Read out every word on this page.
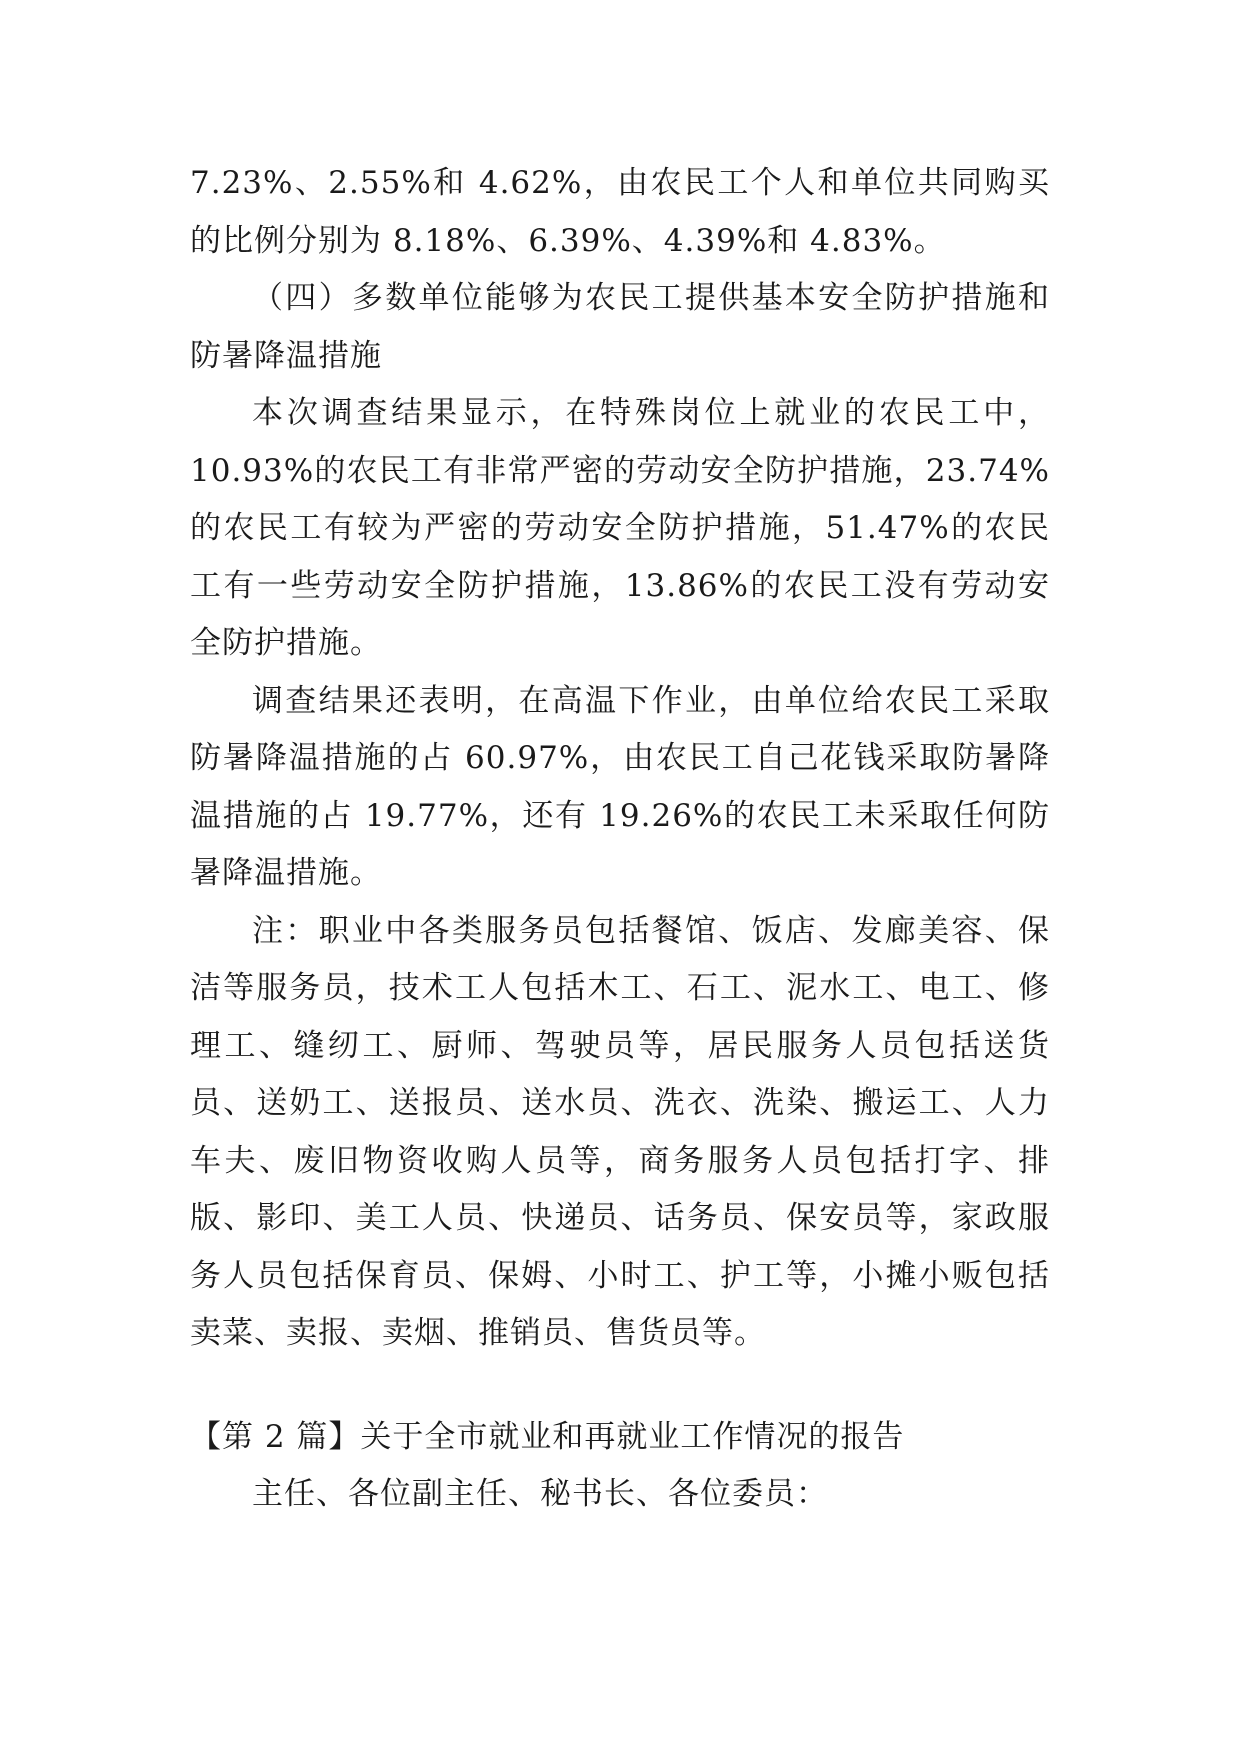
7.23%、2.55%和 4.62%，由农民工个人和单位共同购买的比例分别为 8.18%、6.39%、4.39%和 4.83%。

（四）多数单位能够为农民工提供基本安全防护措施和防暑降温措施

本次调查结果显示，在特殊岗位上就业的农民工中，10.93%的农民工有非常严密的劳动安全防护措施，23.74%的农民工有较为严密的劳动安全防护措施，51.47%的农民工有一些劳动安全防护措施，13.86%的农民工没有劳动安全防护措施。

调查结果还表明，在高温下作业，由单位给农民工采取防暑降温措施的占 60.97%，由农民工自己花钱采取防暑降温措施的占 19.77%，还有 19.26%的农民工未采取任何防暑降温措施。

注：职业中各类服务员包括餐馆、饭店、发廊美容、保洁等服务员，技术工人包括木工、石工、泥水工、电工、修理工、缝纫工、厨师、驾驶员等，居民服务人员包括送货员、送奶工、送报员、送水员、洗衣、洗染、搬运工、人力车夫、废旧物资收购人员等，商务服务人员包括打字、排版、影印、美工人员、快递员、话务员、保安员等，家政服务人员包括保育员、保姆、小时工、护工等，小摊小贩包括卖菜、卖报、卖烟、推销员、售货员等。

【第 2 篇】关于全市就业和再就业工作情况的报告

主任、各位副主任、秘书长、各位委员：
